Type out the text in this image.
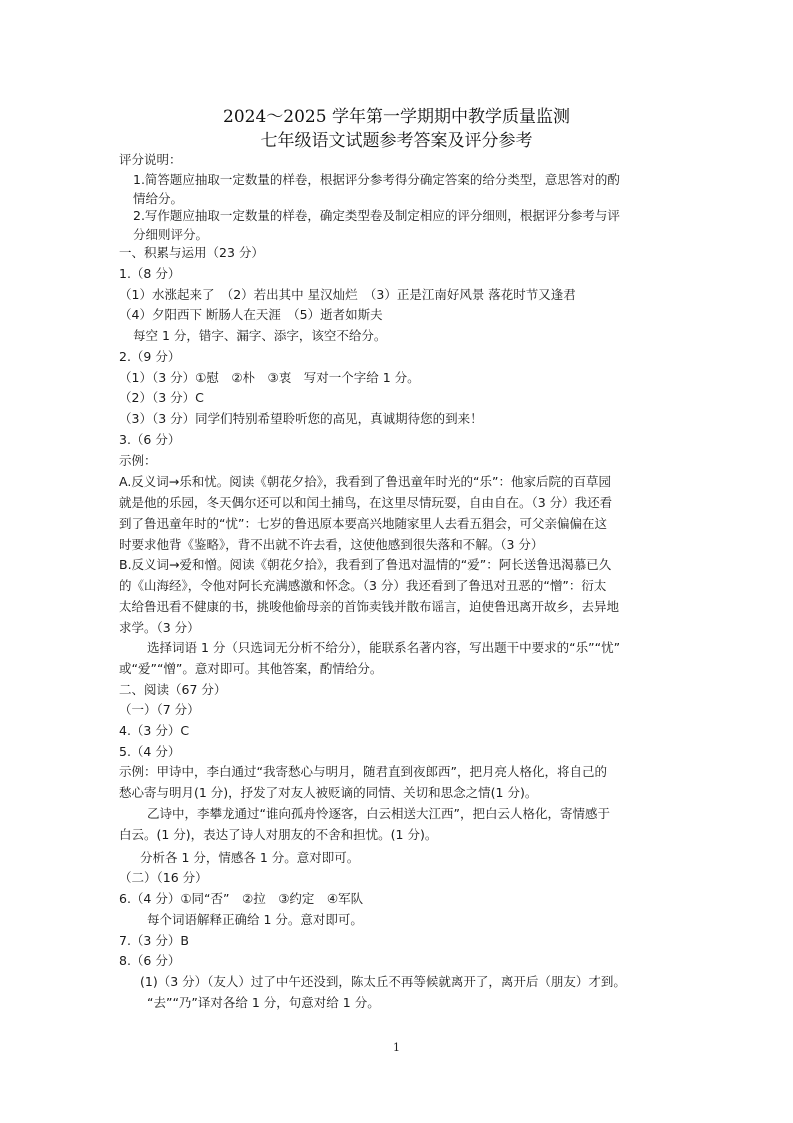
2024～2025 学年第一学期期中教学质量监测
七年级语文试题参考答案及评分参考
评分说明：
1.简答题应抽取一定数量的样卷，根据评分参考得分确定答案的给分类型，意思答对的酌
情给分。
2.写作题应抽取一定数量的样卷，确定类型卷及制定相应的评分细则，根据评分参考与评
分细则评分。
一、积累与运用（23 分）
1.（8 分）
（1）水涨起来了　（2）若出其中 星汉灿烂　（3）正是江南好风景 落花时节又逢君
（4）夕阳西下 断肠人在天涯　（5）逝者如斯夫
每空 1 分，错字、漏字、添字，该空不给分。
2.（9 分）
（1）（3 分）①慰　②朴　③衷　写对一个字给 1 分。
（2）（3 分）C
（3）（3 分）同学们特别希望聆听您的高见，真诚期待您的到来！
3.（6 分）
示例：
A.反义词→乐和忧。阅读《朝花夕拾》，我看到了鲁迅童年时光的“乐”：他家后院的百草园
就是他的乐园，冬天偶尔还可以和闰土捕鸟，在这里尽情玩耍，自由自在。（3 分）我还看
到了鲁迅童年时的“忧”：七岁的鲁迅原本要高兴地随家里人去看五猖会，可父亲偏偏在这
时要求他背《鉴略》，背不出就不许去看，这使他感到很失落和不解。（3 分）
B.反义词→爱和憎。阅读《朝花夕拾》，我看到了鲁迅对温情的“爱”：阿长送鲁迅渴慕已久
的《山海经》，令他对阿长充满感激和怀念。（3 分）我还看到了鲁迅对丑恶的“憎”：衍太
太给鲁迅看不健康的书，挑唆他偷母亲的首饰卖钱并散布谣言，迫使鲁迅离开故乡，去异地
求学。（3 分）
选择词语 1 分（只选词无分析不给分），能联系名著内容，写出题干中要求的“乐”“忧”
或“爱”“憎”。意对即可。其他答案，酌情给分。
二、阅读（67 分）
（一）（7 分）
4.（3 分）C
5.（4 分）
示例：甲诗中，李白通过“我寄愁心与明月，随君直到夜郎西”，把月亮人格化，将自己的
愁心寄与明月(1 分)，抒发了对友人被贬谪的同情、关切和思念之情(1 分)。
乙诗中，李攀龙通过“谁向孤舟怜逐客，白云相送大江西”，把白云人格化，寄情感于
白云。(1 分)，表达了诗人对朋友的不舍和担忧。(1 分)。
分析各 1 分，情感各 1 分。意对即可。
（二）（16 分）
6.（4 分）①同“否”　②拉　③约定　④军队
每个词语解释正确给 1 分。意对即可。
7.（3 分）B
8.（6 分）
(1)（3 分）（友人）过了中午还没到，陈太丘不再等候就离开了，离开后（朋友）才到。
“去”“乃”译对各给 1 分，句意对给 1 分。
1
